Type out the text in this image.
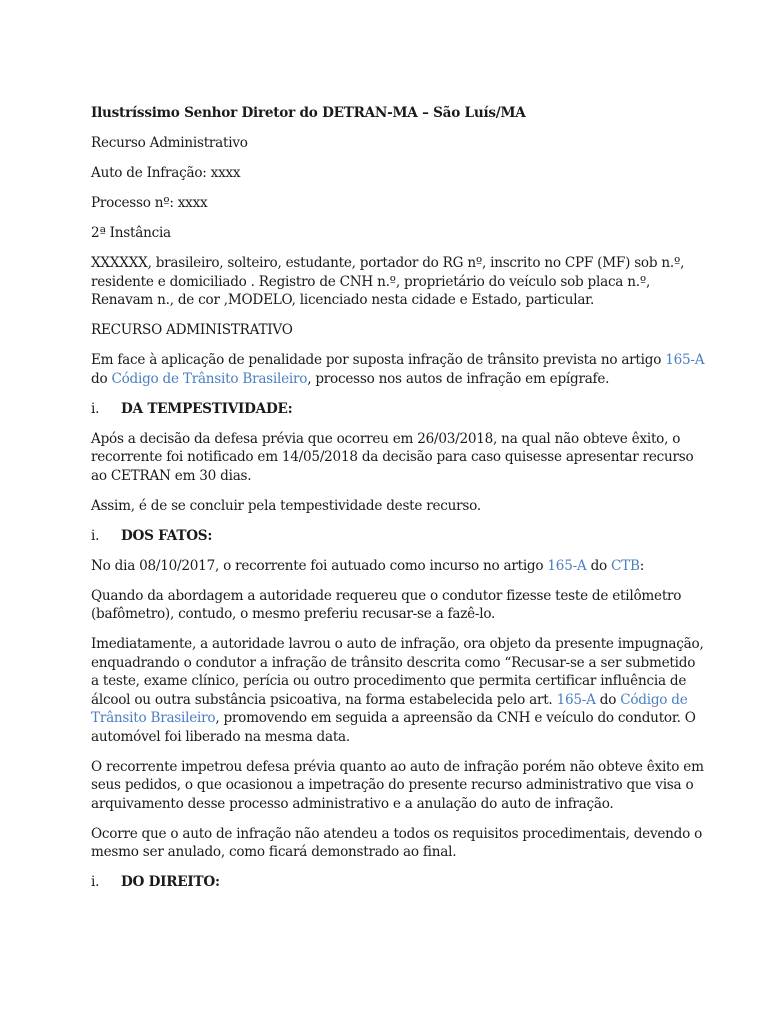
Ilustríssimo Senhor Diretor do DETRAN-MA – São Luís/MA

Recurso Administrativo

Auto de Infração: xxxx

Processo nº: xxxx

2ª Instância

XXXXXX, brasileiro, solteiro, estudante, portador do RG nº, inscrito no CPF (MF) sob n.º,
residente e domiciliado . Registro de CNH n.º, proprietário do veículo sob placa n.º,
Renavam n., de cor ,MODELO, licenciado nesta cidade e Estado, particular.

RECURSO ADMINISTRATIVO

Em face à aplicação de penalidade por suposta infração de trânsito prevista no artigo 165-A
do Código de Trânsito Brasileiro, processo nos autos de infração em epígrafe.

i.	DA TEMPESTIVIDADE:

Após a decisão da defesa prévia que ocorreu em 26/03/2018, na qual não obteve êxito, o
recorrente foi notificado em 14/05/2018 da decisão para caso quisesse apresentar recurso
ao CETRAN em 30 dias.

Assim, é de se concluir pela tempestividade deste recurso.

i.	DOS FATOS:

No dia 08/10/2017, o recorrente foi autuado como incurso no artigo 165-A do CTB:

Quando da abordagem a autoridade requereu que o condutor fizesse teste de etilômetro
(bafômetro), contudo, o mesmo preferiu recusar-se a fazê-lo.

Imediatamente, a autoridade lavrou o auto de infração, ora objeto da presente impugnação,
enquadrando o condutor a infração de trânsito descrita como “Recusar-se a ser submetido
a teste, exame clínico, perícia ou outro procedimento que permita certificar influência de
álcool ou outra substância psicoativa, na forma estabelecida pelo art. 165-A do Código de
Trânsito Brasileiro, promovendo em seguida a apreensão da CNH e veículo do condutor. O
automóvel foi liberado na mesma data.

O recorrente impetrou defesa prévia quanto ao auto de infração porém não obteve êxito em
seus pedidos, o que ocasionou a impetração do presente recurso administrativo que visa o
arquivamento desse processo administrativo e a anulação do auto de infração.

Ocorre que o auto de infração não atendeu a todos os requisitos procedimentais, devendo o
mesmo ser anulado, como ficará demonstrado ao final.

i.	DO DIREITO:
